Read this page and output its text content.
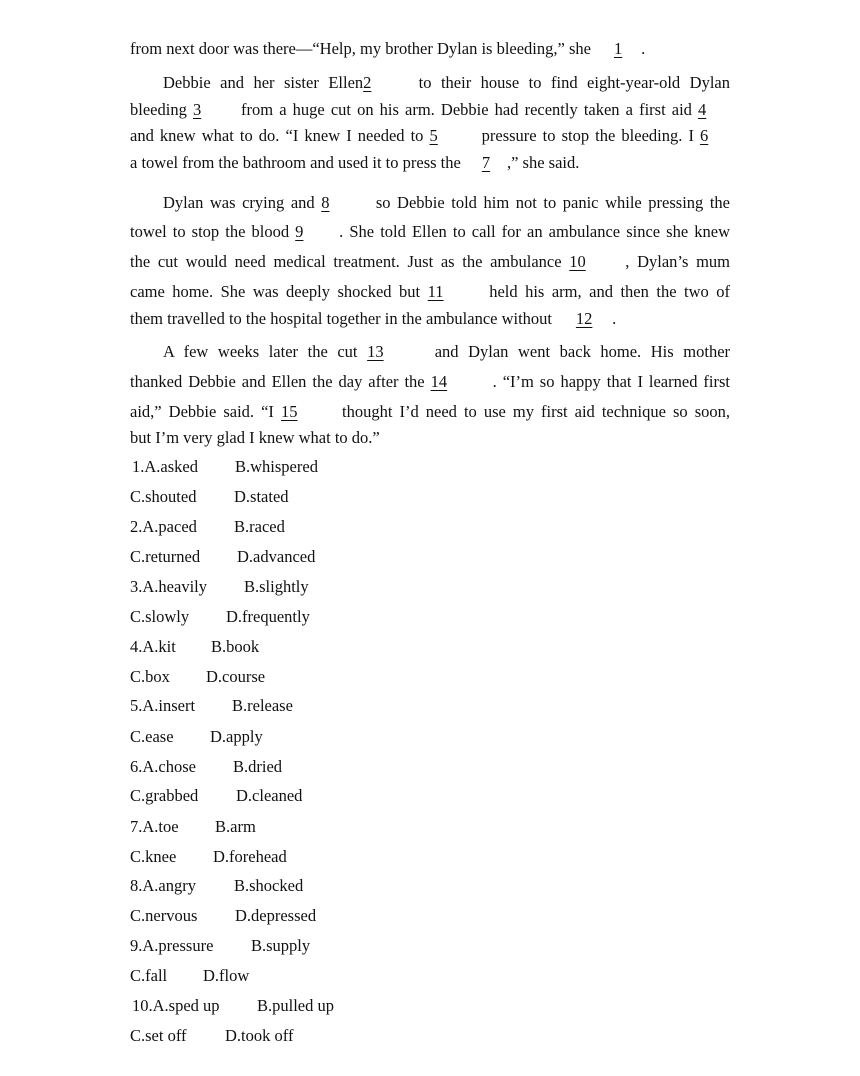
from next door was there—“Help, my brother Dylan is bleeding,” she 1 .
Debbie and her sister Ellen2	to their house to find eight-year-old Dylan
bleeding 3 from a huge cut on his arm. Debbie had recently taken a first aid 4
and knew what to do. “I knew I needed to 5	pressure to stop the bleeding. I 6
a towel from the bathroom and used it to press the 7 ,” she said.
Dylan was crying and 8	so Debbie told him not to panic while pressing the
towel to stop the blood 9 . She told Ellen to call for an ambulance since she knew
the cut would need medical treatment. Just as the ambulance 10 , Dylan’s mum
came home. She was deeply shocked but 11	held his arm, and then the two of
them travelled to the hospital together in the ambulance without 12 .
A few weeks later the cut 13	and Dylan went back home. His mother
thanked Debbie and Ellen the day after the 14	. “I’m so happy that I learned first
aid,” Debbie said. “I 15	thought I’d need to use my first aid technique so soon,
but I’m very glad I knew what to do.”
1.A.asked B.whispered
C.shouted D.stated
2.A.paced B.raced
C.returned D.advanced
3.A.heavily B.slightly
C.slowly D.frequently
4.A.kit B.book
C.box D.course
5.A.insert B.release
C.ease D.apply
6.A.chose B.dried
C.grabbed D.cleaned
7.A.toe B.arm
C.knee D.forehead
8.A.angry B.shocked
C.nervous D.depressed
9.A.pressure B.supply
C.fall D.flow
10.A.sped up B.pulled up
C.set off D.took off
